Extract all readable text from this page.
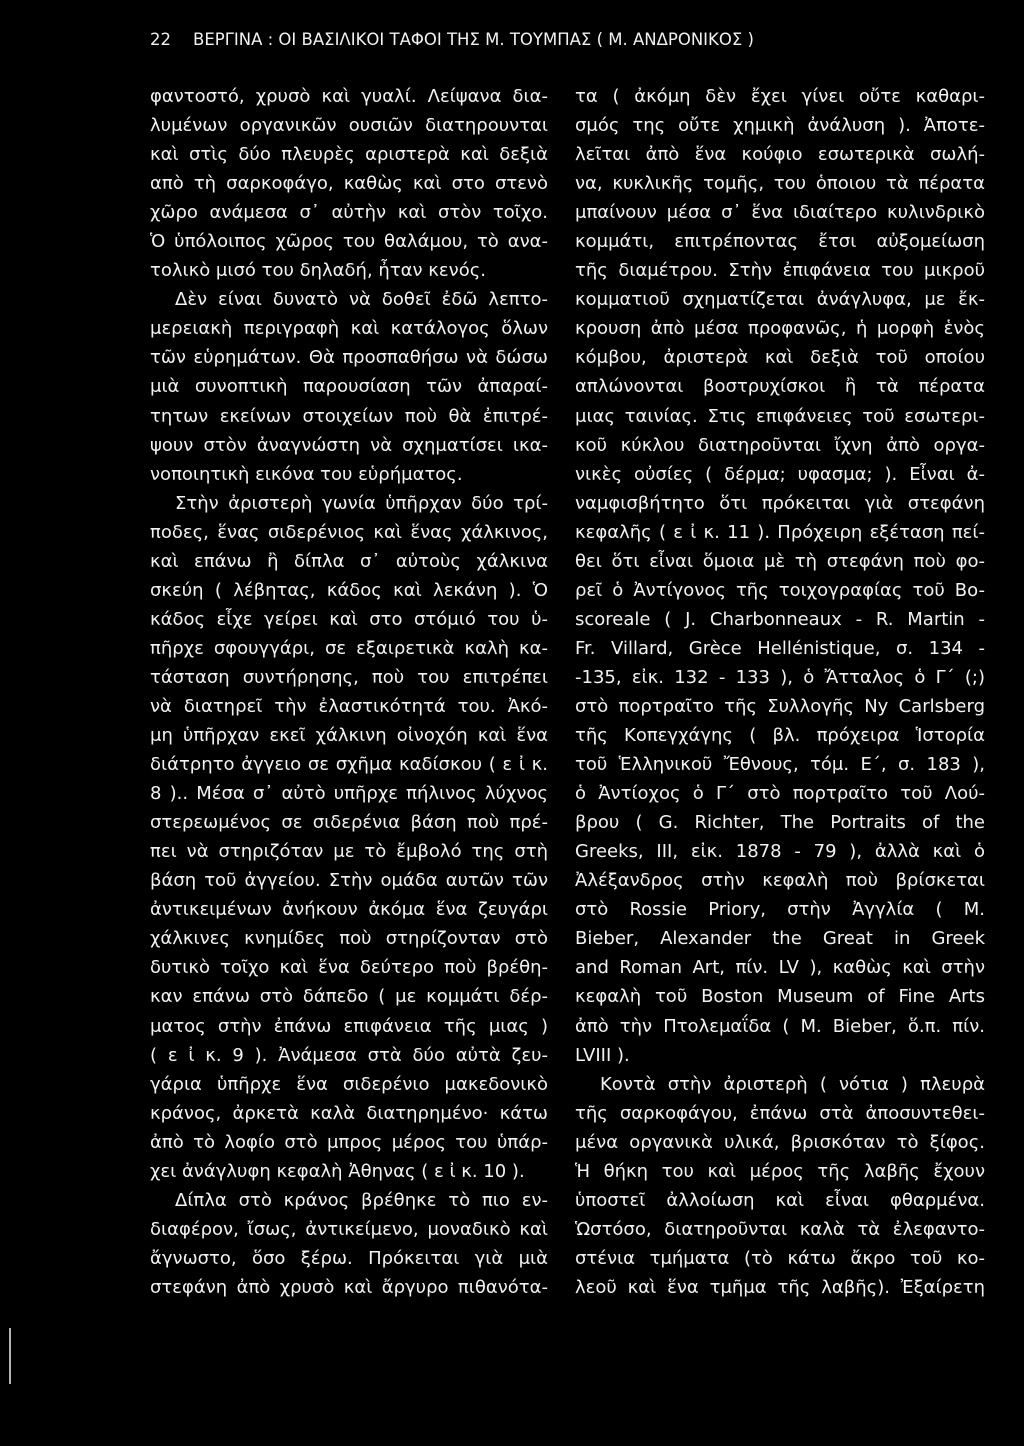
22 ΒΕΡΓΙΝΑ : ΟΙ ΒΑΣΙΛΙΚΟΙ ΤΑΦΟΙ ΤΗΣ Μ. ΤΟΥΜΠΑΣ ( Μ. ΑΝΔΡΟΝΙΚΟΣ )
φαντοστό, χρυσὸ καὶ γυαλί. Λείψανα δια-
λυμένων οργανικῶν ουσιῶν διατηρουνται
καὶ στὶς δύο πλευρὲς αριστερὰ καὶ δεξιὰ
απὸ τὴ σαρκοφάγο, καθὼς καὶ στο στενὸ
χῶρο ανάμεσα σ᾽ αὐτὴν καὶ στὸν τοῖχο.
Ὁ ὑπόλοιπος χῶρος του θαλάμου, τὸ ανα-
τολικὸ μισό του δηλαδή, ἦταν κενός.
Δὲν είναι δυνατὸ νὰ δοθεῖ ἐδῶ λεπτο-
μερειακὴ περιγραφὴ καὶ κατάλογος ὅλων
τῶν εὑρημάτων. Θὰ προσπαθήσω νὰ δώσω
μιὰ συνοπτικὴ παρουσίαση τῶν ἀπαραί-
τητων εκείνων στοιχείων ποὺ θὰ ἐπιτρέ-
ψουν στὸν ἀναγνώστη νὰ σχηματίσει ικα-
νοποιητικὴ εικόνα του εὑρήματος.
Στὴν ἀριστερὴ γωνία ὑπῆρχαν δύο τρί-
ποδες, ἕνας σιδερένιος καὶ ἕνας χάλκινος,
καὶ επάνω ἢ δίπλα σ᾽ αὐτοὺς χάλκινα
σκεύη ( λέβητας, κάδος καὶ λεκάνη ). Ὁ
κάδος εἶχε γείρει καὶ στο στόμιό του ὑ-
πῆρχε σφουγγάρι, σε εξαιρετικὰ καλὴ κα-
τάσταση συντήρησης, ποὺ του επιτρέπει
νὰ διατηρεῖ τὴν ἐλαστικότητά του. Ἀκό-
μη ὑπῆρχαν εκεῖ χάλκινη οἰνοχόη καὶ ἕνα
διάτρητο ἀγγειο σε σχῆμα καδίσκου ( ε ἰ κ.
8 ).. Μέσα σ᾽ αὐτὸ υπῆρχε πήλινος λύχνος
στερεωμένος σε σιδερένια βάση ποὺ πρέ-
πει νὰ στηριζόταν με τὸ ἔμβολό της στὴ
βάση τοῦ ἀγγείου. Στὴν ομάδα αυτῶν τῶν
ἀντικειμένων ἀνήκουν ἀκόμα ἕνα ζευγάρι
χάλκινες κνημίδες ποὺ στηρίζονταν στὸ
δυτικὸ τοῖχο καὶ ἕνα δεύτερο ποὺ βρέθη-
καν επάνω στὸ δάπεδο ( με κομμάτι δέρ-
ματος στὴν ἐπάνω επιφάνεια τῆς μιας )
( ε ἰ κ. 9 ). Ἀνάμεσα στὰ δύο αὐτὰ ζευ-
γάρια ὑπῆρχε ἕνα σιδερένιο μακεδονικὸ
κράνος, ἀρκετὰ καλὰ διατηρημένο· κάτω
ἀπὸ τὸ λοφίο στὸ μπρος μέρος του ὑπάρ-
χει ἀνάγλυφη κεφαλὴ Ἀθηνας ( ε ἰ κ. 10 ).
Δίπλα στὸ κράνος βρέθηκε τὸ πιο εν-
διαφέρον, ἴσως, ἀντικείμενο, μοναδικὸ καὶ
ἄγνωστο, ὅσο ξέρω. Πρόκειται γιὰ μιὰ
στεφάνη ἀπὸ χρυσὸ καὶ ἄργυρο πιθανότα-
τα ( ἀκόμη δὲν ἔχει γίνει οὔτε καθαρι-
σμός της οὔτε χημικὴ ἀνάλυση ). Ἀποτε-
λεῖται ἀπὸ ἕνα κούφιο εσωτερικὰ σωλή-
να, κυκλικῆς τομῆς, του ὁποιου τὰ πέρατα
μπαίνουν μέσα σ᾽ ἕνα ιδιαίτερο κυλινδρικὸ
κομμάτι, επιτρέποντας ἔτσι αὐξομείωση
τῆς διαμέτρου. Στὴν ἐπιφάνεια του μικροῦ
κομματιοῦ σχηματίζεται ἀνάγλυφα, με ἔκ-
κρουση ἀπὸ μέσα προφανῶς, ἡ μορφὴ ἑνὸς
κόμβου, ἀριστερὰ καὶ δεξιὰ τοῦ οποίου
απλώνονται βοστρυχίσκοι ἢ τὰ πέρατα
μιας ταινίας. Στις επιφάνειες τοῦ εσωτερι-
κοῦ κύκλου διατηροῦνται ἴχνη ἀπὸ οργα-
νικὲς οὐσίες ( δέρμα; υφασμα; ). Εἶναι ἀ-
ναμφισβήτητο ὅτι πρόκειται γιὰ στεφάνη
κεφαλῆς ( ε ἰ κ. 11 ). Πρόχειρη εξέταση πεί-
θει ὅτι εἶναι ὅμοια μὲ τὴ στεφάνη ποὺ φο-
ρεῖ ὁ Ἀντίγονος τῆς τοιχογραφίας τοῦ Bo-
scoreale ( J. Charbonneaux - R. Martin -
Fr. Villard, Grèce Hellénistique, σ. 134 -
-135, εἰκ. 132 - 133 ), ὁ Ἄτταλος ὁ Γ´ (;)
στὸ πορτραῖτο τῆς Συλλογῆς Ny Carlsberg
τῆς Κοπεγχάγης ( βλ. πρόχειρα Ἱστορία
τοῦ Ἑλληνικοῦ Ἔθνους, τόμ. Ε´, σ. 183 ),
ὁ Ἀντίοχος ὁ Γ´ στὸ πορτραῖτο τοῦ Λού-
βρου ( G. Richter, The Portraits of the
Greeks, III, εἰκ. 1878 - 79 ), ἀλλὰ καὶ ὁ
Ἀλέξανδρος στὴν κεφαλὴ ποὺ βρίσκεται
στὸ Rossie Priory, στὴν Ἀγγλία ( M.
Bieber, Alexander the Great in Greek
and Roman Art, πίν. LV ), καθὼς καὶ στὴν
κεφαλὴ τοῦ Boston Museum of Fine Arts
ἀπὸ τὴν Πτολεμαΐδα ( M. Bieber, ὅ.π. πίν.
LVIII ).
Κοντὰ στὴν ἀριστερὴ ( νότια ) πλευρὰ
τῆς σαρκοφάγου, ἐπάνω στὰ ἀποσυντεθει-
μένα οργανικὰ υλικά, βρισκόταν τὸ ξίφος.
Ἡ θήκη του καὶ μέρος τῆς λαβῆς ἔχουν
ὑποστεῖ ἀλλοίωση καὶ εἶναι φθαρμένα.
Ὡστόσο, διατηροῦνται καλὰ τὰ ἐλεφαντο-
στένια τμήματα (τὸ κάτω ἄκρο τοῦ κο-
λεοῦ καὶ ἕνα τμῆμα τῆς λαβῆς). Ἐξαίρετη
